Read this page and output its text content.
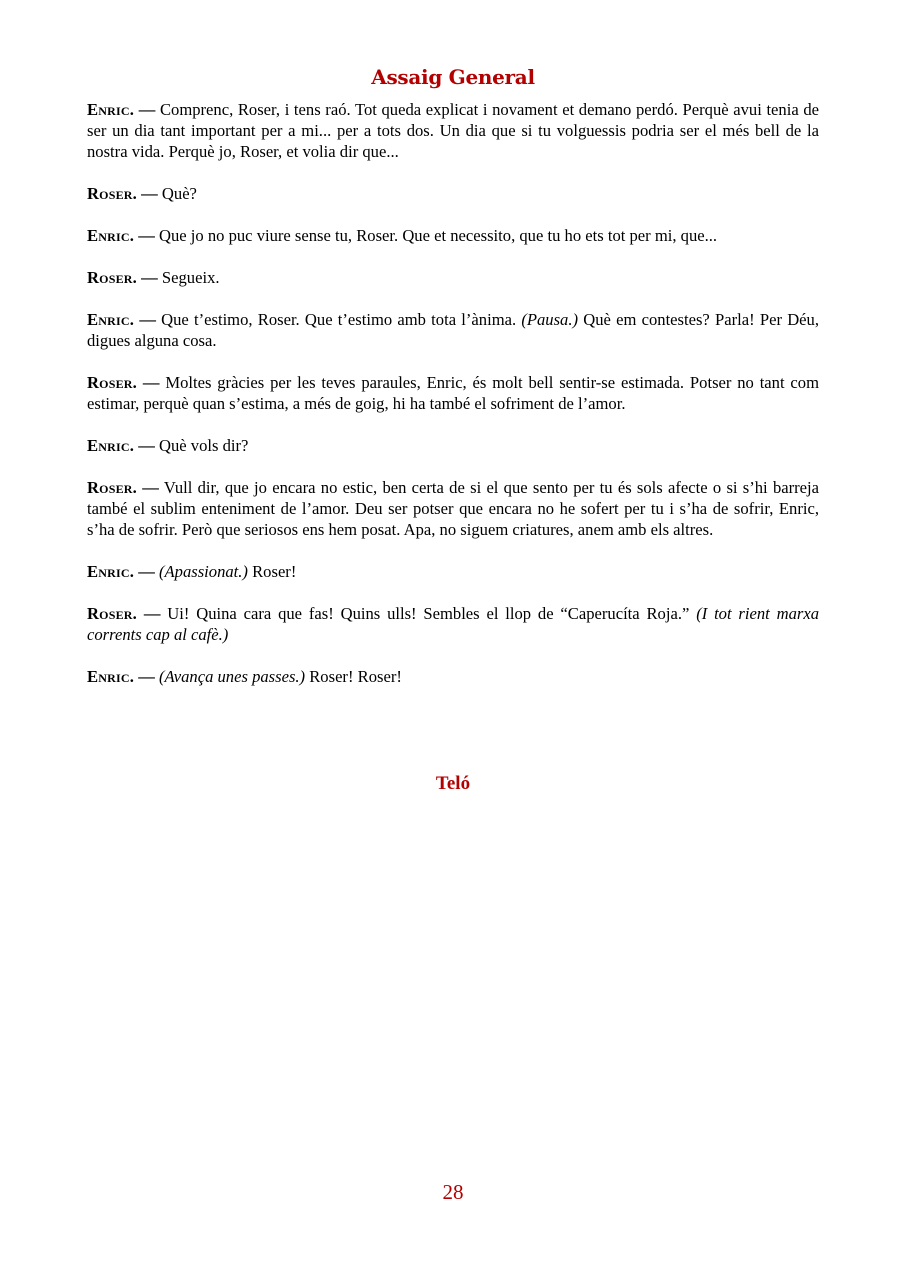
Assaig General

Enric. — Comprenc, Roser, i tens raó. Tot queda explicat i novament et demano perdó. Perquè avui tenia de ser un dia tant important per a mi... per a tots dos. Un dia que si tu volguessis podria ser el més bell de la nostra vida. Perquè jo, Roser, et volia dir que...

Roser. — Què?

Enric. — Que jo no puc viure sense tu, Roser. Que et necessito, que tu ho ets tot per mi, que...

Roser. — Segueix.

Enric. — Que t’estimo, Roser. Que t’estimo amb tota l’ànima. (Pausa.) Què em contestes? Parla! Per Déu, digues alguna cosa.

Roser. — Moltes gràcies per les teves paraules, Enric, és molt bell sentir-se estimada. Potser no tant com estimar, perquè quan s’estima, a més de goig, hi ha també el sofriment de l’amor.

Enric. — Què vols dir?

Roser. — Vull dir, que jo encara no estic, ben certa de si el que sento per tu és sols afecte o si s’hi barreja també el sublim enteniment de l’amor. Deu ser potser que encara no he sofert per tu i s’ha de sofrir, Enric, s’ha de sofrir. Però que seriosos ens hem posat. Apa, no siguem criatures, anem amb els altres.

Enric. — (Apassionat.) Roser!

Roser. — Ui! Quina cara que fas! Quins ulls! Sembles el llop de “Caperucíta Roja.” (I tot rient marxa corrents cap al cafè.)

Enric. — (Avança unes passes.) Roser! Roser!

Teló
28
